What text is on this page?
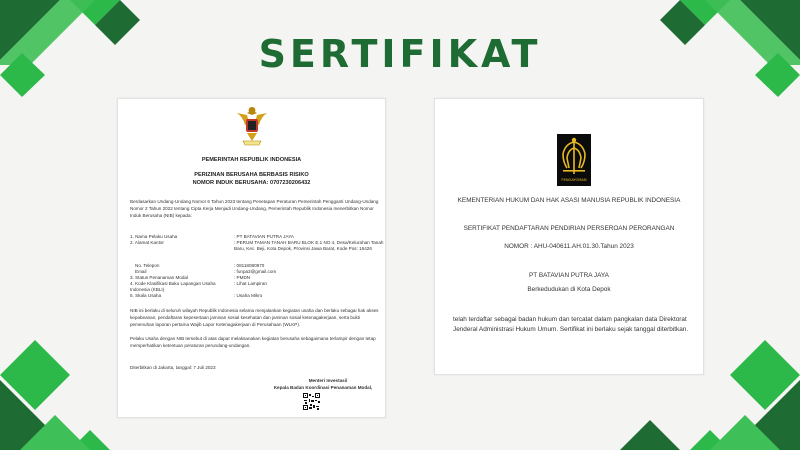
SERTIFIKAT
PEMERINTAH REPUBLIK INDONESIA
PERIZINAN BERUSAHA BERBASIS RISIKO
NOMOR INDUK BERUSAHA: 0707230206432
Berdasarkan Undang-Undang Nomor 6 Tahun 2023 tentang Penetapan Peraturan Pemerintah Pengganti Undang-Undang Nomor 2 Tahun 2022 tentang Cipta Kerja Menjadi Undang-Undang, Pemerintah Republik Indonesia menerbitkan Nomor Induk Berusaha (NIB) kepada:
1. Nama Pelaku Usaha	: PT BATAVIAN PUTRA JAYA
2. Alamat Kantor	: PERUM TAMAN TANAH BARU BLOK E.1 NO 4, Desa/Kelurahan Tanah Baru, Kec. Beji, Kota Depok, Provinsi Jawa Barat, Kode Pos: 16426
No. Telepon	: 08118080970
Email	: funpa3@gmail.com
3. Status Penanaman Modal	: PMDN
4. Kode Klasifikasi Baku Lapangan Usaha Indonesia (KBLI)
: Lihat Lampiran
5. Skala Usaha	: Usaha Mikro
NIB ini berlaku di seluruh wilayah Republik Indonesia selama menjalankan kegiatan usaha dan berlaku sebagai hak akses kepabeanan, pendaftaran kepesertaan jaminan sosial kesehatan dan jaminan sosial ketenagakerjaan, serta bukti pemenuhan laporan pertama Wajib Lapor Ketenagakerjaan di Perusahaan (WLKP).
Pelaku Usaha dengan NIB tersebut di atas dapat melaksanakan kegiatan berusaha sebagaimana terlampir dengan tetap memperhatikan ketentuan peraturan perundang-undangan.
Diterbitkan di Jakarta, tanggal: 7 Juli 2023
Menteri Investasi/
Kepala Badan Koordinasi Penanaman Modal,
PENGAYOMAN
KEMENTERIAN HUKUM DAN HAK ASASI MANUSIA REPUBLIK INDONESIA
SERTIFIKAT PENDAFTARAN PENDIRIAN PERSEROAN PERORANGAN
NOMOR : AHU-040611.AH.01.30.Tahun 2023
PT BATAVIAN PUTRA JAYA
Berkedudukan di Kota Depok
telah terdaftar sebagai badan hukum dan tercatat dalam pangkalan data Direktorat Jenderal Administrasi Hukum Umum. Sertifikat ini berlaku sejak tanggal diterbitkan.
